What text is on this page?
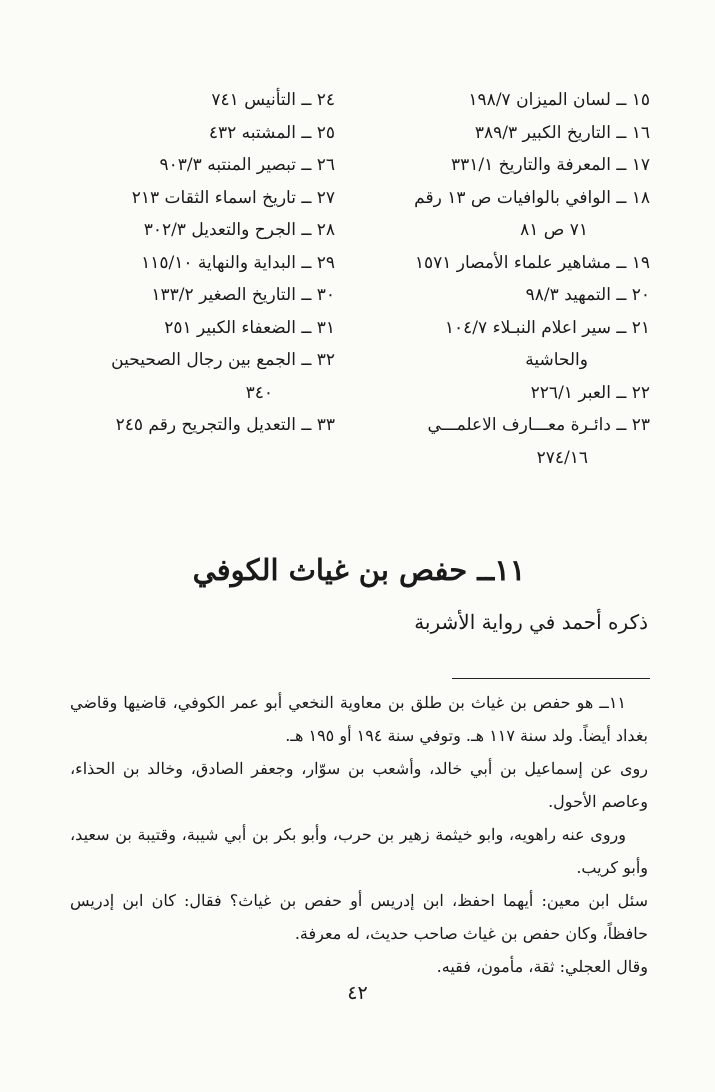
١٥ ــ لسان الميزان ١٩٨/٧

١٦ ــ التاريخ الكبير ٣٨٩/٣

١٧ ــ المعرفة والتاريخ ٣٣١/١

١٨ ــ الوافي بالوافيات ص ١٣ رقم

٧١ ص ٨١

١٩ ــ مشاهير علماء الأمصار ١٥٧١

٢٠ ــ التمهيد ٩٨/٣

٢١ ــ سير اعلام النبـلاء ١٠٤/٧

والحاشية

٢٢ ــ العبر ٢٢٦/١

٢٣ ــ دائـرة معـــارف الاعلمـــي

٢٧٤/١٦

٢٤ ــ التأنيس ٧٤١

٢٥ ــ المشتبه ٤٣٢

٢٦ ــ تبصير المنتبه ٩٠٣/٣

٢٧ ــ تاريخ اسماء الثقات ٢١٣

٢٨ ــ الجرح والتعديل ٣٠٢/٣

٢٩ ــ البداية والنهاية ١١٥/١٠

٣٠ ــ التاريخ الصغير ١٣٣/٢

٣١ ــ الضعفاء الكبير ٢٥١

٣٢ ــ الجمع بين رجال الصحيحين

٣٤٠

٣٣ ــ التعديل والتجريح رقم ٢٤٥

١١ــ حفص بن غياث الكوفي

ذكره أحمد في رواية الأشربة

١١ــ هو حفص بن غياث بن طلق بن معاوية النخعي أبو عمر الكوفي، قاضيها وقاضي بغداد أيضاً. ولد سنة ١١٧ هـ. وتوفي سنة ١٩٤ أو ١٩٥ هـ.

روى عن إسماعيل بن أبي خالد، وأشعب بن سوّار، وجعفر الصادق، وخالد بن الحذاء، وعاصم الأحول.

وروى عنه راهويه، وابو خيثمة زهير بن حرب، وأبو بكر بن أبي شيبة، وقتيبة بن سعيد، وأبو كريب.

سئل ابن معين: أيهما احفظ، ابن إدريس أو حفص بن غياث؟ فقال: كان ابن إدريس حافظاً، وكان حفص بن غياث صاحب حديث، له معرفة.

وقال العجلي: ثقة، مأمون، فقيه.

٤٢
